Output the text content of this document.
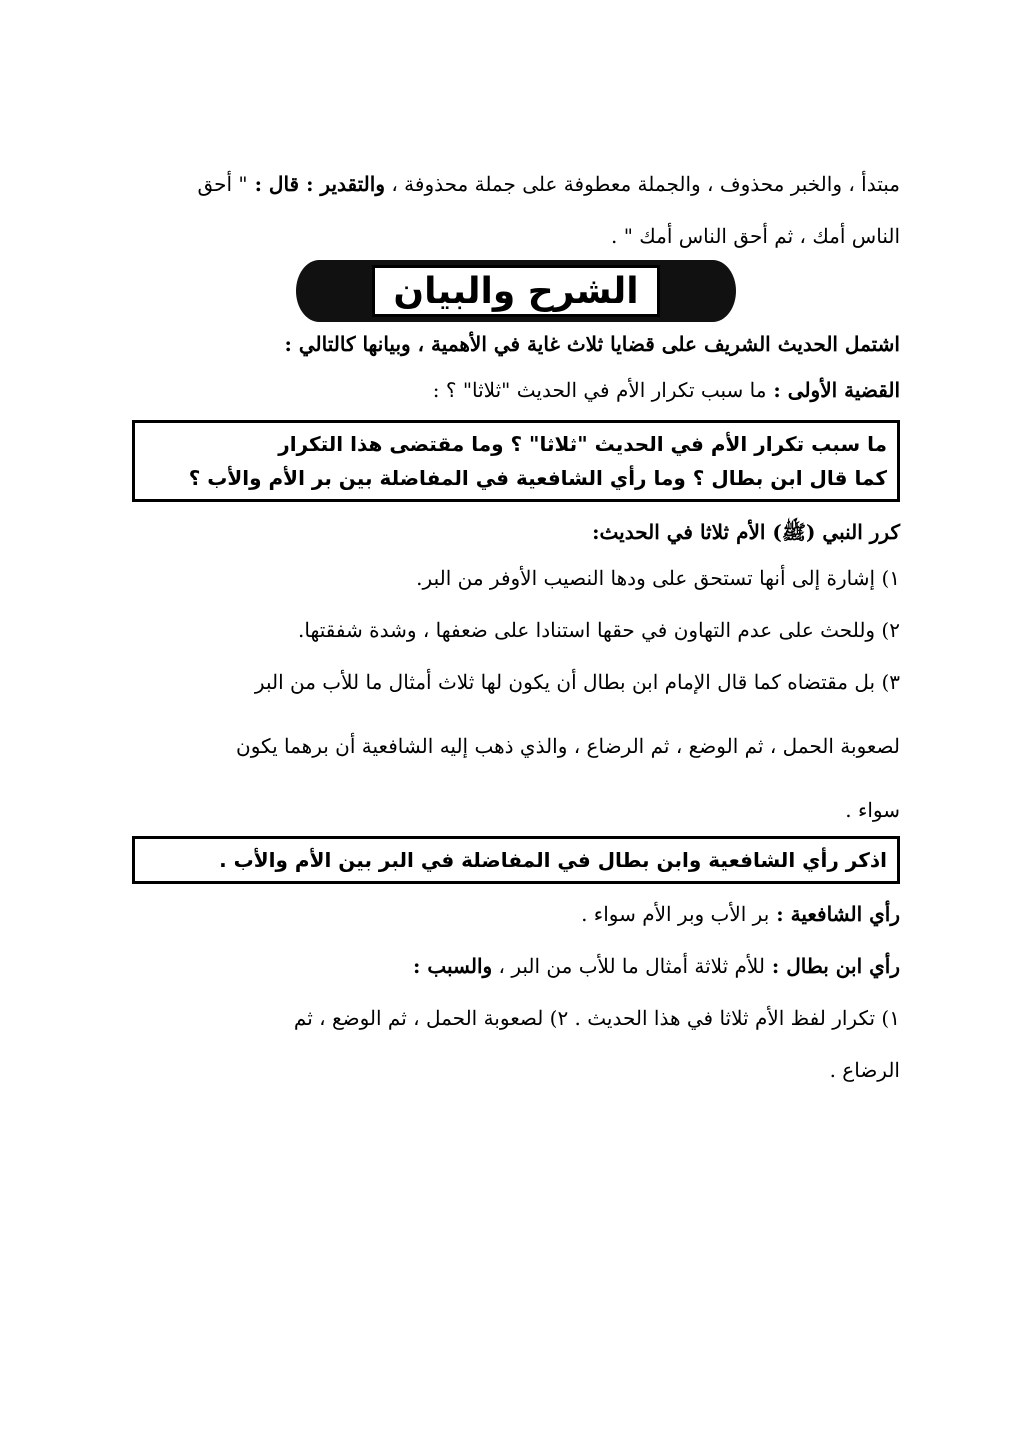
مبتدأ ، والخبر محذوف ، والجملة معطوفة على جملة محذوفة ، والتقدير : قال : " أحق
الناس أمك ، ثم أحق الناس أمك " .
الشرح والبيان
اشتمل الحديث الشريف على قضايا ثلاث غاية في الأهمية ، وبيانها كالتالي :
القضية الأولى : ما سبب تكرار الأم في الحديث "ثلاثا" ؟ :
ما سبب تكرار الأم في الحديث "ثلاثا" ؟ وما مقتضى هذا التكرار
كما قال ابن بطال ؟ وما رأي الشافعية في المفاضلة بين بر الأم والأب ؟
كرر النبي (ﷺ) الأم ثلاثا في الحديث:
١) إشارة إلى أنها تستحق على ودها النصيب الأوفر من البر.
٢) وللحث على عدم التهاون في حقها استنادا على ضعفها ، وشدة شفقتها.
٣) بل مقتضاه كما قال الإمام ابن بطال أن يكون لها ثلاث أمثال ما للأب من البر
لصعوبة الحمل ، ثم الوضع ، ثم الرضاع ، والذي ذهب إليه الشافعية أن برهما يكون
سواء .
اذكر رأي الشافعية وابن بطال في المفاضلة في البر بين الأم والأب .
رأي الشافعية : بر الأب وبر الأم سواء .
رأي ابن بطال : للأم ثلاثة أمثال ما للأب من البر ، والسبب :
١) تكرار لفظ الأم ثلاثا في هذا الحديث . ٢) لصعوبة الحمل ، ثم الوضع ، ثم
الرضاع .
